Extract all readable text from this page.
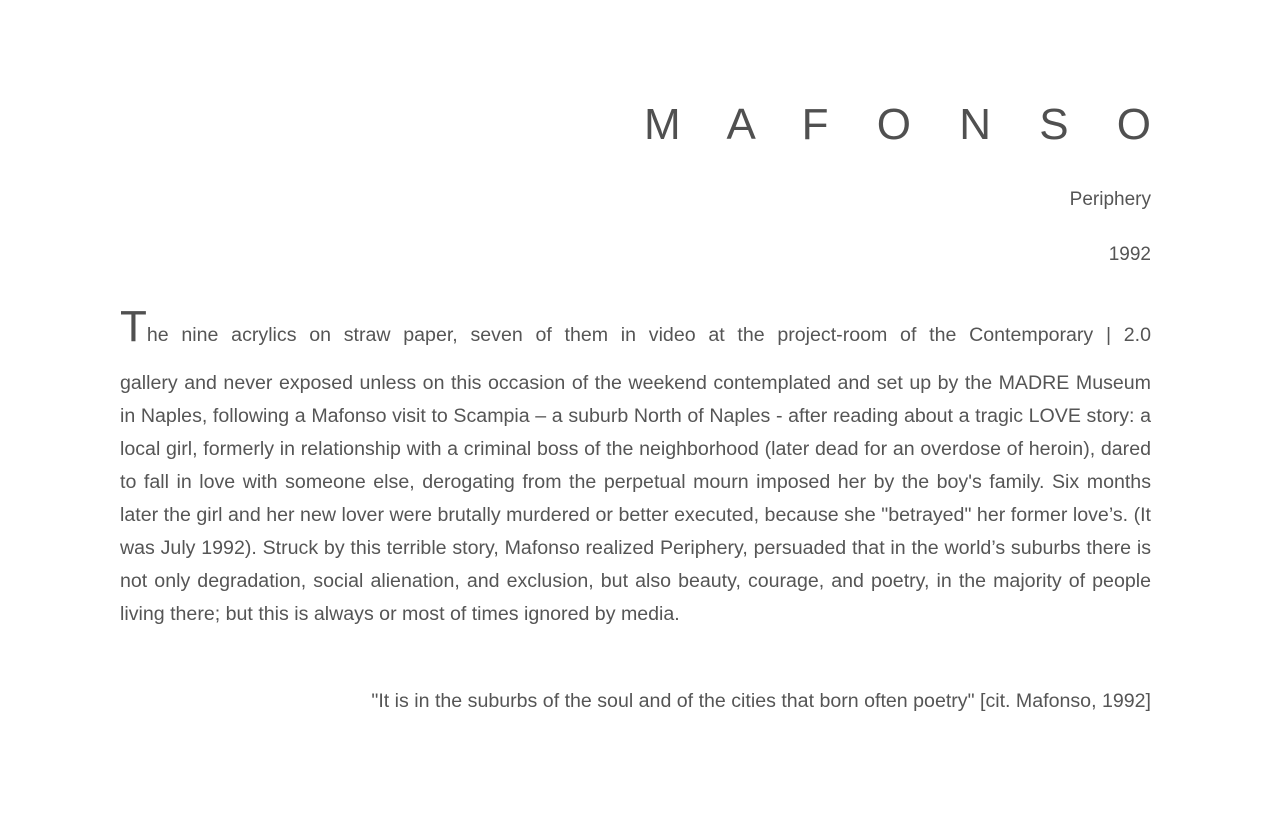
M A F O N S O
Periphery
1992
The nine acrylics on straw paper, seven of them in video at the project-room of the Contemporary | 2.0
gallery and never exposed unless on this occasion of the weekend contemplated and set up by the MADRE Museum in Naples, following a Mafonso visit to Scampia – a suburb North of Naples - after reading about a tragic LOVE story: a local girl, formerly in relationship with a criminal boss of the neighborhood (later dead for an overdose of heroin), dared to fall in love with someone else, derogating from the perpetual mourn imposed her by the boy's family. Six months later the girl and her new lover were brutally murdered or better executed, because she "betrayed" her former love’s. (It was July 1992). Struck by this terrible story, Mafonso realized Periphery, persuaded that in the world’s suburbs there is not only degradation, social alienation, and exclusion, but also beauty, courage, and poetry, in the majority of people living there; but this is always or most of times ignored by media.
"It is in the suburbs of the soul and of the cities that born often poetry" [cit. Mafonso, 1992]
